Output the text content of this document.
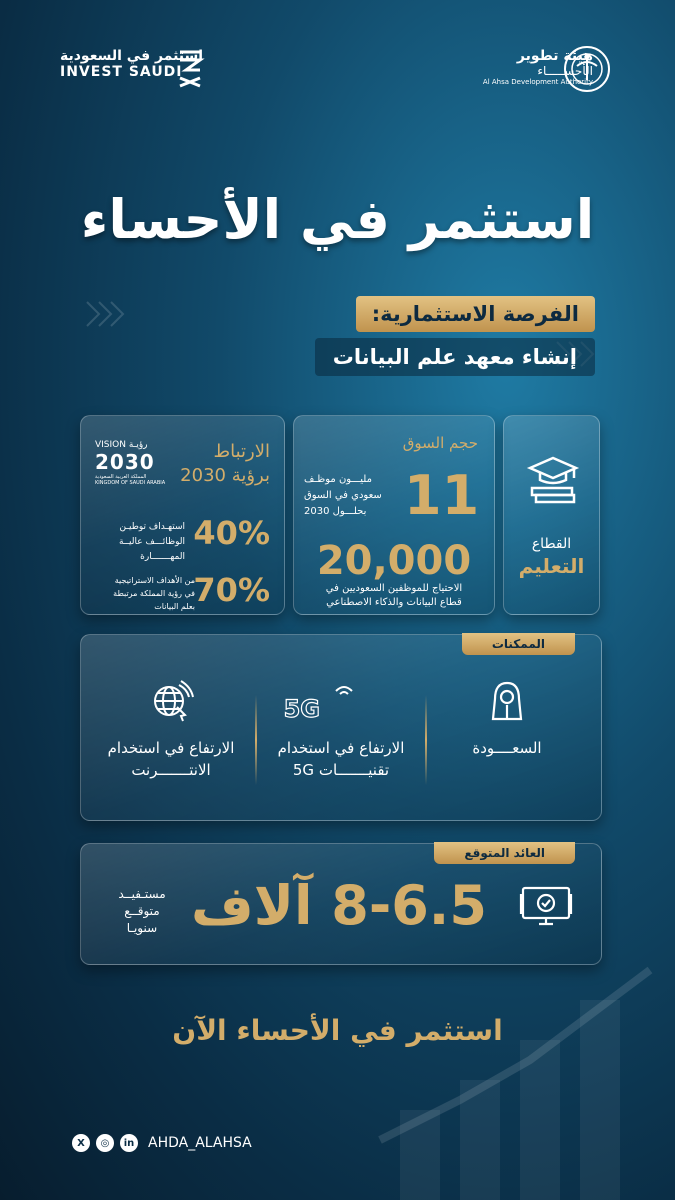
استثمر في السعودية
INVEST SAUDI
هيئة تطوير
الأحســـــاء
Al Ahsa Development Authority
استثمر في الأحساء
الفرصة الاستثمارية:
إنشاء معهد علم البيانات
القطاع
التعليم
حجم السوق
11
مليـــون موظـف
سعودي في السوق
بحلـــول 2030
20,000
الاحتياج للموظفين السعوديين في
قطاع البيانات والذكاء الاصطناعي
الارتباط
برؤية 2030
VISION رؤيـة
2030
المملكة العربية السعودية
KINGDOM OF SAUDI ARABIA
40%
استهـداف توطيـن
الوظائـــف عاليــة
المهـــــــارة
70%
من الأهداف الاستراتيجية
في رؤية المملكة مرتبطة
بعلم البيانات
الممكنات
السعــــودة
5G
الارتفاع في استخدام
تقنيـــــــات 5G
الارتفاع في استخدام
الانتـــــــرنت
العائد المتوقع
8-6.5 آلاف
مستـفيــد
متوقــع
سنويـا
استثمر في الأحساء الآن
X	◎	in AHDA_ALAHSA
